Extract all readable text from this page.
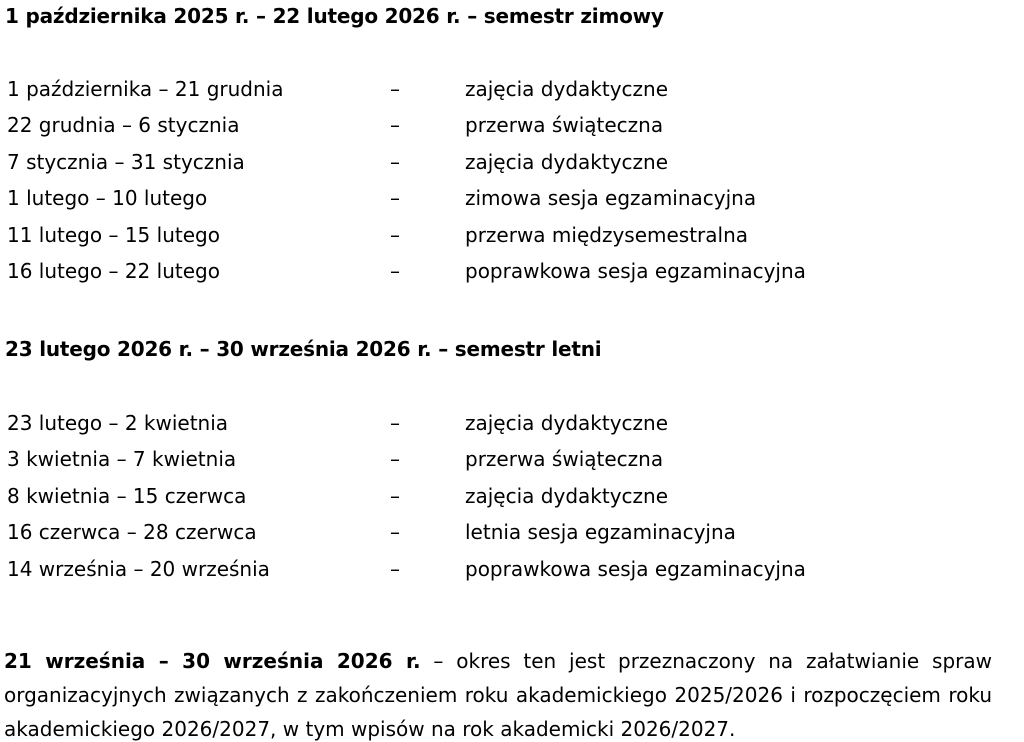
1 października 2025 r. – 22 lutego 2026 r. – semestr zimowy
1 października – 21 grudnia	–	zajęcia dydaktyczne
22 grudnia – 6 stycznia	–	przerwa świąteczna
7 stycznia – 31 stycznia	–	zajęcia dydaktyczne
1 lutego – 10 lutego	–	zimowa sesja egzaminacyjna
11 lutego – 15 lutego	–	przerwa międzysemestralna
16 lutego – 22 lutego	–	poprawkowa sesja egzaminacyjna
23 lutego 2026 r. – 30 września 2026 r. – semestr letni
23 lutego – 2 kwietnia	–	zajęcia dydaktyczne
3 kwietnia – 7 kwietnia	–	przerwa świąteczna
8 kwietnia – 15 czerwca	–	zajęcia dydaktyczne
16 czerwca – 28 czerwca	–	letnia sesja egzaminacyjna
14 września – 20 września	–	poprawkowa sesja egzaminacyjna

21 września – 30 września 2026 r. – okres ten jest przeznaczony na załatwianie spraw organizacyjnych związanych z zakończeniem roku akademickiego 2025/2026 i rozpoczęciem roku akademickiego 2026/2027, w tym wpisów na rok akademicki 2026/2027.
